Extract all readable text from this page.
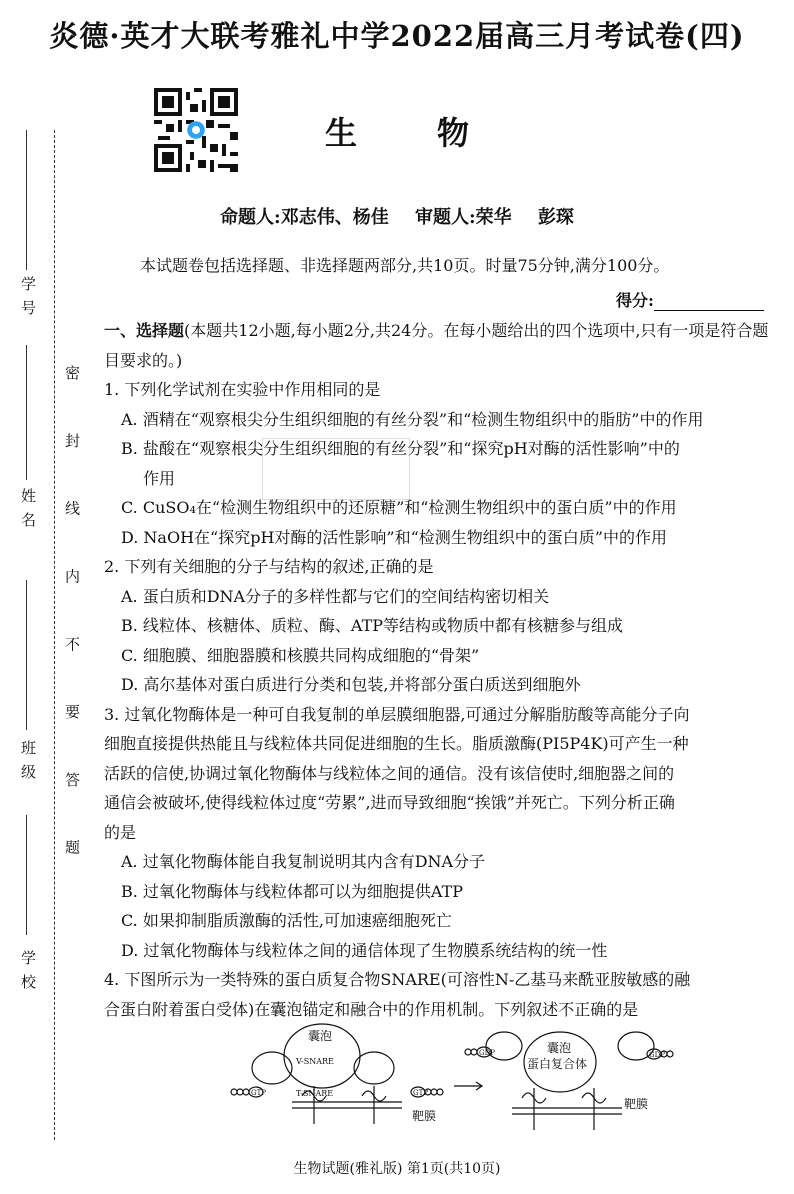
学 校
班 级
姓 名
学 号
密 封 线 内 不 要 答 题
炎德·英才大联考雅礼中学2022届高三月考试卷(四)
生物
命题人:邓志伟、杨佳 审题人:荣华 彭琛
本试题卷包括选择题、非选择题两部分,共10页。时量75分钟,满分100分。
得分:

一、选择题(本题共12小题,每小题2分,共24分。在每小题给出的四个选项中,只有一项是符合题目要求的。)

1. 下列化学试剂在实验中作用相同的是

A. 酒精在“观察根尖分生组织细胞的有丝分裂”和“检测生物组织中的脂肪”中的作用

B. 盐酸在“观察根尖分生组织细胞的有丝分裂”和“探究pH对酶的活性影响”中的

作用

C. CuSO₄在“检测生物组织中的还原糖”和“检测生物组织中的蛋白质”中的作用

D. NaOH在“探究pH对酶的活性影响”和“检测生物组织中的蛋白质”中的作用

2. 下列有关细胞的分子与结构的叙述,正确的是

A. 蛋白质和DNA分子的多样性都与它们的空间结构密切相关

B. 线粒体、核糖体、质粒、酶、ATP等结构或物质中都有核糖参与组成

C. 细胞膜、细胞器膜和核膜共同构成细胞的“骨架”

D. 高尔基体对蛋白质进行分类和包装,并将部分蛋白质送到细胞外

3. 过氧化物酶体是一种可自我复制的单层膜细胞器,可通过分解脂肪酸等高能分子向

细胞直接提供热能且与线粒体共同促进细胞的生长。脂质激酶(PI5P4K)可产生一种

活跃的信使,协调过氧化物酶体与线粒体之间的通信。没有该信使时,细胞器之间的

通信会被破坏,使得线粒体过度“劳累”,进而导致细胞“挨饿”并死亡。下列分析正确

的是

A. 过氧化物酶体能自我复制说明其内含有DNA分子

B. 过氧化物酶体与线粒体都可以为细胞提供ATP

C. 如果抑制脂质激酶的活性,可加速癌细胞死亡

D. 过氧化物酶体与线粒体之间的通信体现了生物膜系统结构的统一性

4. 下图所示为一类特殊的蛋白质复合物SNARE(可溶性N-乙基马来酰亚胺敏感的融

合蛋白附着蛋白受体)在囊泡锚定和融合中的作用机制。下列叙述不正确的是

囊泡
V-SNARE
T-SNARE
靶膜
GTP	GTP
GDP	GDP
囊泡
蛋白复合体
靶膜
生物试题(雅礼版) 第1页(共10页)
